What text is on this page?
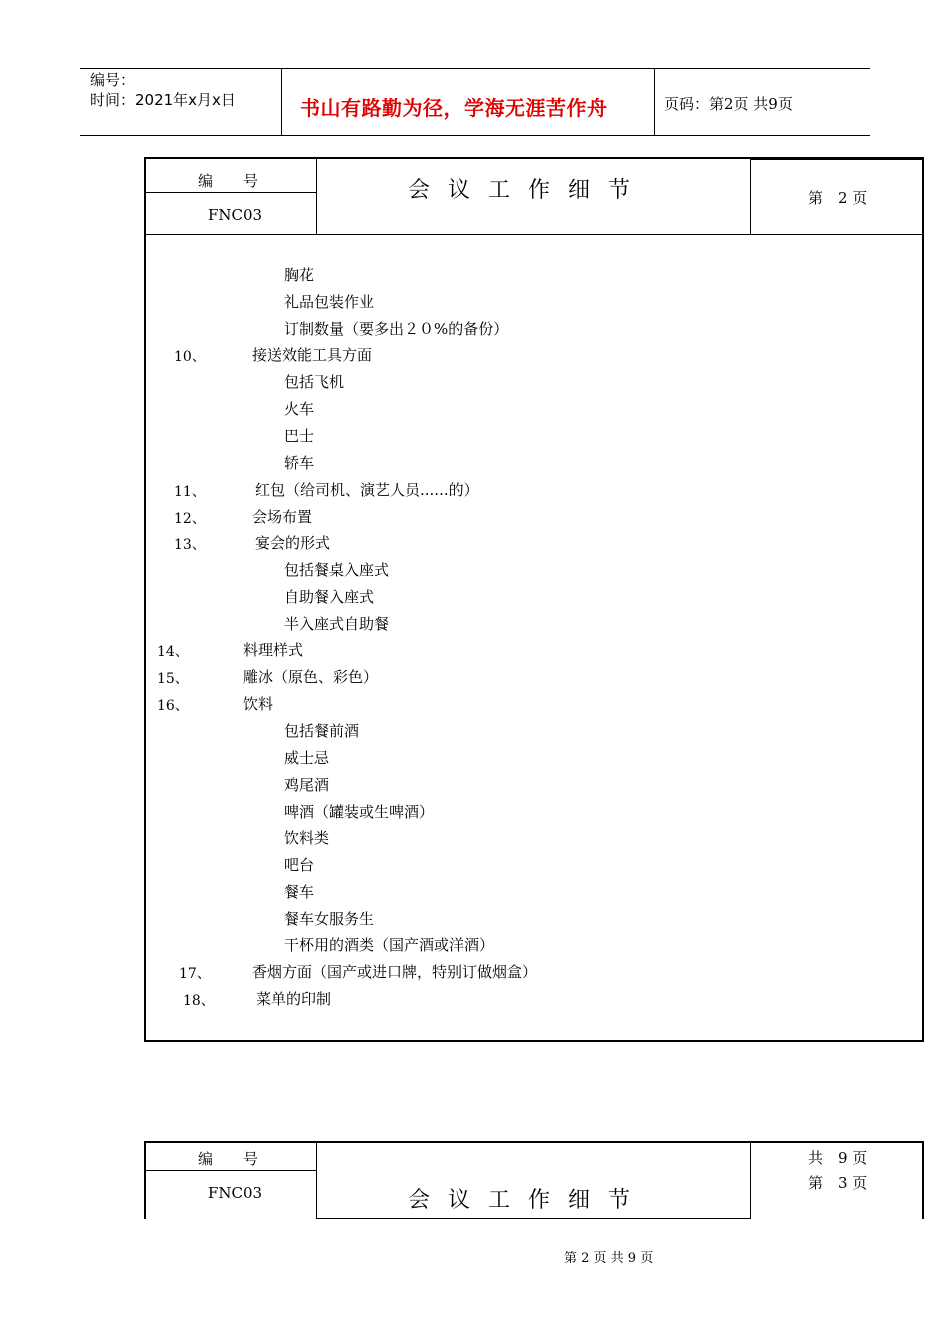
编号：
时间：2021年x月x日	书山有路勤为径，学海无涯苦作舟	页码：第2页 共9页
编　　号
FNC03
会议工作细节	第　2 页
胸花
礼品包装作业
订制数量（要多出２０%的备份）
10、	接送效能工具方面
包括飞机
火车
巴士
轿车
11、	红包（给司机、演艺人员......的）
12、	会场布置
13、	宴会的形式
包括餐桌入座式
自助餐入座式
半入座式自助餐
14、	料理样式
15、	雕冰（原色、彩色）
16、	饮料
包括餐前酒
威士忌
鸡尾酒
啤酒（罐装或生啤酒）
饮料类
吧台
餐车
餐车女服务生
干杯用的酒类（国产酒或洋酒）
17、	香烟方面（国产或进口牌，特别订做烟盒）
18、	菜单的印制
编　　号
FNC03	会议工作细节
共　9 页
第　3 页
第 2 页 共 9 页
